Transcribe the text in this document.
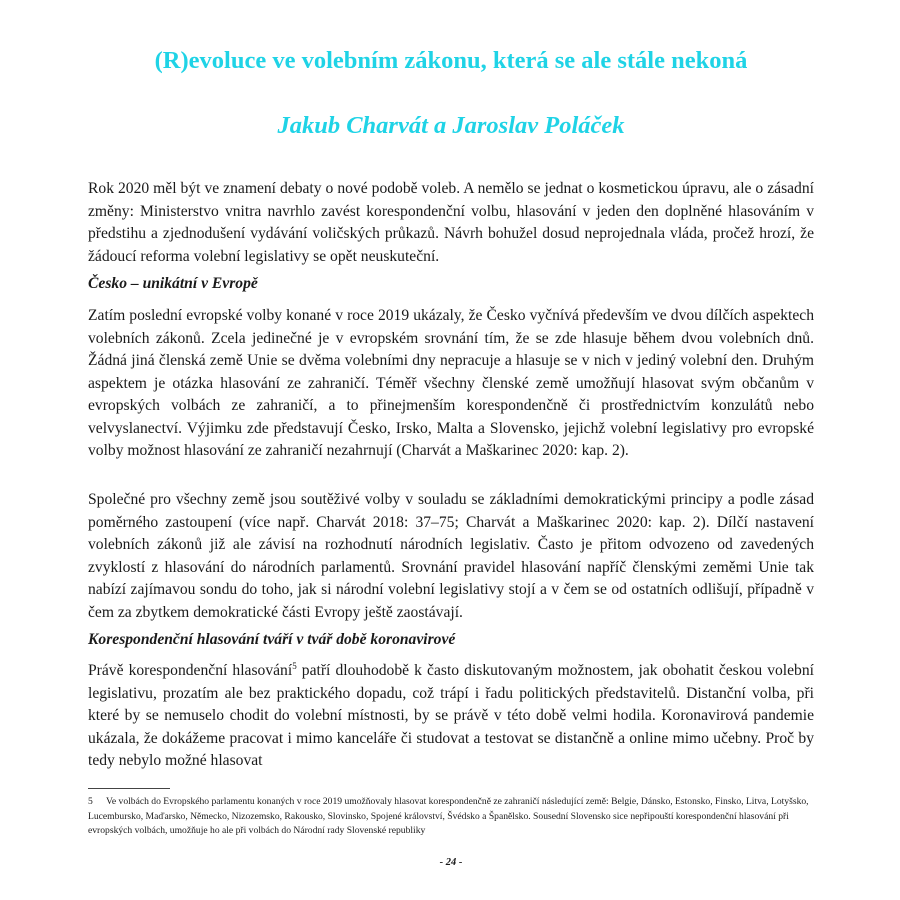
(R)evoluce ve volebním zákonu, která se ale stále nekoná
Jakub Charvát a Jaroslav Poláček

Rok 2020 měl být ve znamení debaty o nové podobě voleb. A nemělo se jednat o kosmetickou úpravu, ale o zásadní změny: Ministerstvo vnitra navrhlo zavést korespondenční volbu, hlasování v jeden den doplněné hlasováním v předstihu a zjednodušení vydávání voličských průkazů. Návrh bohužel dosud neprojednala vláda, pročež hrozí, že žádoucí reforma volební legislativy se opět neuskuteční.

Česko – unikátní v Evropě

Zatím poslední evropské volby konané v roce 2019 ukázaly, že Česko vyčnívá především ve dvou dílčích aspektech volebních zákonů. Zcela jedinečné je v evropském srovnání tím, že se zde hlasuje během dvou volebních dnů. Žádná jiná členská země Unie se dvěma volebními dny nepracuje a hlasuje se v nich v jediný volební den. Druhým aspektem je otázka hlasování ze zahraničí. Téměř všechny členské země umožňují hlasovat svým občanům v evropských volbách ze zahraničí, a to přinejmenším korespondenčně či prostřednictvím konzulátů nebo velvyslanectví. Výjimku zde představují Česko, Irsko, Malta a Slovensko, jejichž volební legislativy pro evropské volby možnost hlasování ze zahraničí nezahrnují (Charvát a Maškarinec 2020: kap. 2).

Společné pro všechny země jsou soutěživé volby v souladu se základními demokratickými principy a podle zásad poměrného zastoupení (více např. Charvát 2018: 37–75; Charvát a Maškarinec 2020: kap. 2). Dílčí nastavení volebních zákonů již ale závisí na rozhodnutí národních legislativ. Často je přitom odvozeno od zavedených zvyklostí z hlasování do národních parlamentů. Srovnání pravidel hlasování napříč členskými zeměmi Unie tak nabízí zajímavou sondu do toho, jak si národní volební legislativy stojí a v čem se od ostatních odlišují, případně v čem za zbytkem demokratické části Evropy ještě zaostávají.

Korespondenční hlasování tváří v tvář době koronavirové

Právě korespondenční hlasování$^5$ patří dlouhodobě k často diskutovaným možnostem, jak obohatit českou volební legislativu, prozatím ale bez praktického dopadu, což trápí i řadu politických představitelů. Distanční volba, při které by se nemuselo chodit do volební místnosti, by se právě v této době velmi hodila. Koronavirová pandemie ukázala, že dokážeme pracovat i mimo kanceláře či studovat a testovat se distančně a online mimo učebny. Proč by tedy nebylo možné hlasovat

5 Ve volbách do Evropského parlamentu konaných v roce 2019 umožňovaly hlasovat korespondenčně ze zahraničí následující země: Belgie, Dánsko, Estonsko, Finsko, Litva, Lotyšsko, Lucembursko, Maďarsko, Německo, Nizozemsko, Rakousko, Slovinsko, Spojené království, Švédsko a Španělsko. Sousední Slovensko sice nepřipouští korespondenční hlasování při evropských volbách, umožňuje ho ale při volbách do Národní rady Slovenské republiky

- 24 -
